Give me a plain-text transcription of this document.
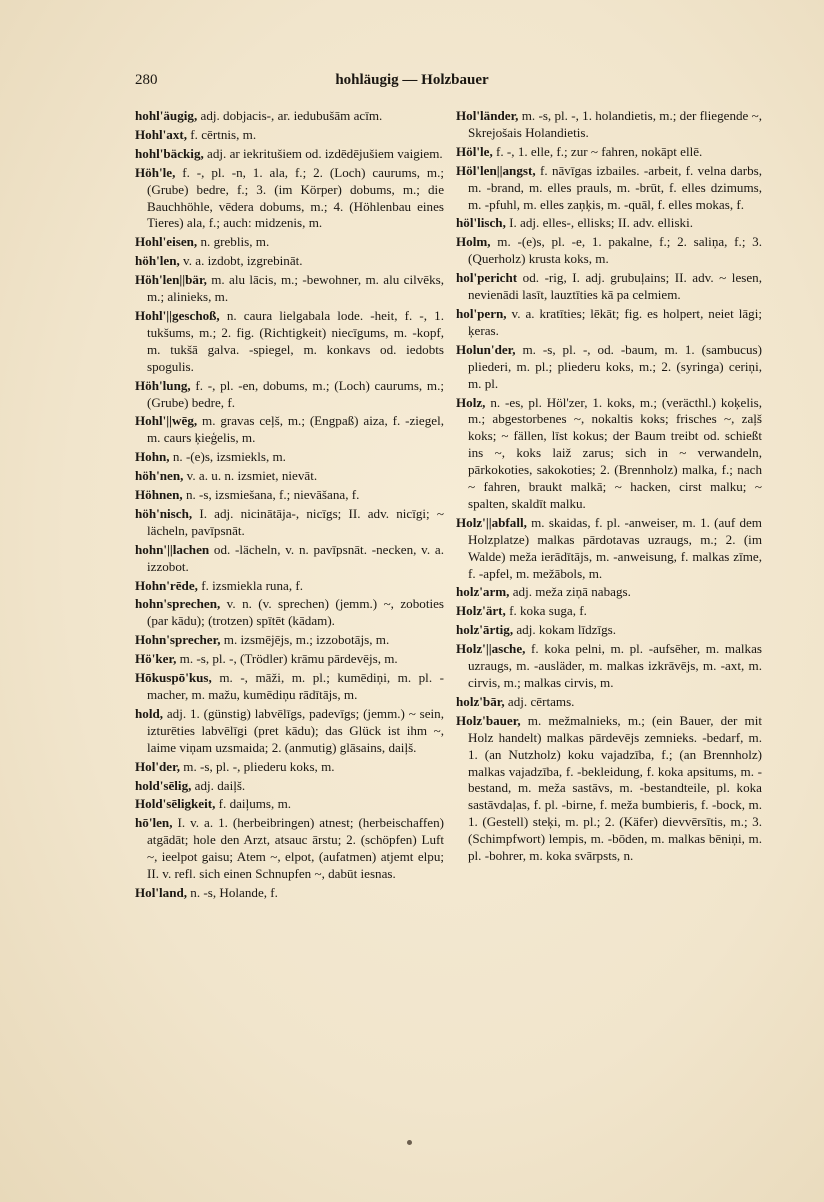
280	hohläugig — Holzbauer

hohl'äugig, adj. dobjacis-, ar. iedubušām acīm.

Hohl'axt, f. cērtnis, m.

hohl'bäckig, adj. ar iekritušiem od. izdēdējušiem vaigiem.

Höh'le, f. -, pl. -n, 1. ala, f.; 2. (Loch) caurums, m.; (Grube) bedre, f.; 3. (im Körper) dobums, m.; die Bauchhöhle, vēdera dobums, m.; 4. (Höhlenbau eines Tieres) ala, f.; auch: midzenis, m.

Hohl'eisen, n. greblis, m.

höh'len, v. a. izdobt, izgrebināt.

Höh'len||bär, m. alu lācis, m.; -bewohner, m. alu cilvēks, m.; alinieks, m.

Hohl'||geschoß, n. caura lielgabala lode. -heit, f. -, 1. tukšums, m.; 2. fig. (Richtigkeit) niecīgums, m. -kopf, m. tukšā galva. -spiegel, m. konkavs od. iedobts spogulis.

Höh'lung, f. -, pl. -en, dobums, m.; (Loch) caurums, m.; (Grube) bedre, f.

Hohl'||wēg, m. gravas ceļš, m.; (Engpaß) aiza, f. -ziegel, m. caurs ķieģelis, m.

Hohn, n. -(e)s, izsmiekls, m.

höh'nen, v. a. u. n. izsmiet, nievāt.

Höhnen, n. -s, izsmiešana, f.; nievāšana, f.

höh'nisch, I. adj. nicinātāja-, nicīgs; II. adv. nicīgi; ~ lächeln, pavīpsnāt.

hohn'||lachen od. -lächeln, v. n. pavīpsnāt. -necken, v. a. izzobot.

Hohn'rēde, f. izsmiekla runa, f.

hohn'sprechen, v. n. (v. sprechen) (jemm.) ~, zoboties (par kādu); (trotzen) spītēt (kādam).

Hohn'sprecher, m. izsmējējs, m.; izzobotājs, m.

Hö'ker, m. -s, pl. -, (Trödler) krāmu pārdevējs, m.

Hōkuspō'kus, m. -, māži, m. pl.; kumēdiņi, m. pl. -macher, m. mažu, kumēdiņu rādītājs, m.

hold, adj. 1. (günstig) labvēlīgs, padevīgs; (jemm.) ~ sein, izturēties labvēlīgi (pret kādu); das Glück ist ihm ~, laime viņam uzsmaida; 2. (anmutig) glāsains, daiļš.

Hol'der, m. -s, pl. -, pliederu koks, m.

hold'sēlig, adj. daiļš.

Hold'sēligkeit, f. daiļums, m.

hō'len, I. v. a. 1. (herbeibringen) atnest; (herbeischaffen) atgādāt; hole den Arzt, atsauc ārstu; 2. (schöpfen) Luft ~, ieelpot gaisu; Atem ~, elpot, (aufatmen) atjemt elpu; II. v. refl. sich einen Schnupfen ~, dabūt iesnas.

Hol'land, n. -s, Holande, f.

Hol'länder, m. -s, pl. -, 1. holandietis, m.; der fliegende ~, Skrejošais Holandietis.

Höl'le, f. -, 1. elle, f.; zur ~ fahren, nokāpt ellē.

Höl'len||angst, f. nāvīgas izbailes. -arbeit, f. velna darbs, m. -brand, m. elles prauls, m. -brūt, f. elles dzimums, m. -pfuhl, m. elles zaņķis, m. -quāl, f. elles mokas, f.

höl'lisch, I. adj. elles-, ellisks; II. adv. elliski.

Holm, m. -(e)s, pl. -e, 1. pakalne, f.; 2. saliņa, f.; 3. (Querholz) krusta koks, m.

hol'pericht od. -rig, I. adj. grubuļains; II. adv. ~ lesen, nevienādi lasīt, lauztīties kā pa celmiem.

hol'pern, v. a. kratīties; lēkāt; fig. es holpert, neiet lāgi; ķeras.

Holun'der, m. -s, pl. -, od. -baum, m. 1. (sambucus) pliederi, m. pl.; pliederu koks, m.; 2. (syringa) ceriņi, m. pl.

Holz, n. -es, pl. Höl'zer, 1. koks, m.; (veräcthl.) koķelis, m.; abgestorbenes ~, nokaltis koks; frisches ~, zaļš koks; ~ fällen, līst kokus; der Baum treibt od. schießt ins ~, koks laiž zarus; sich in ~ verwandeln, pārkokoties, sakokoties; 2. (Brennholz) malka, f.; nach ~ fahren, braukt malkā; ~ hacken, cirst malku; ~ spalten, skaldīt malku.

Holz'||abfall, m. skaidas, f. pl. -anweiser, m. 1. (auf dem Holzplatze) malkas pārdotavas uzraugs, m.; 2. (im Walde) meža ierādītājs, m. -anweisung, f. malkas zīme, f. -apfel, m. mežābols, m.

holz'arm, adj. meža ziņā nabags.

Holz'ärt, f. koka suga, f.

holz'ārtig, adj. kokam līdzīgs.

Holz'||asche, f. koka pelni, m. pl. -aufsēher, m. malkas uzraugs, m. -ausläder, m. malkas izkrāvējs, m. -axt, m. cirvis, m.; malkas cirvis, m.

holz'bār, adj. cērtams.

Holz'bauer, m. mežmalnieks, m.; (ein Bauer, der mit Holz handelt) malkas pārdevējs zemnieks. -bedarf, m. 1. (an Nutzholz) koku vajadzība, f.; (an Brennholz) malkas vajadzība, f. -bekleidung, f. koka apsitums, m. -bestand, m. meža sastāvs, m. -bestandteile, pl. koka sastāvdaļas, f. pl. -birne, f. meža bumbieris, f. -bock, m. 1. (Gestell) steķi, m. pl.; 2. (Käfer) dievvērsītis, m.; 3. (Schimpfwort) lempis, m. -bōden, m. malkas bēniņi, m. pl. -bohrer, m. koka svārpsts, n.
